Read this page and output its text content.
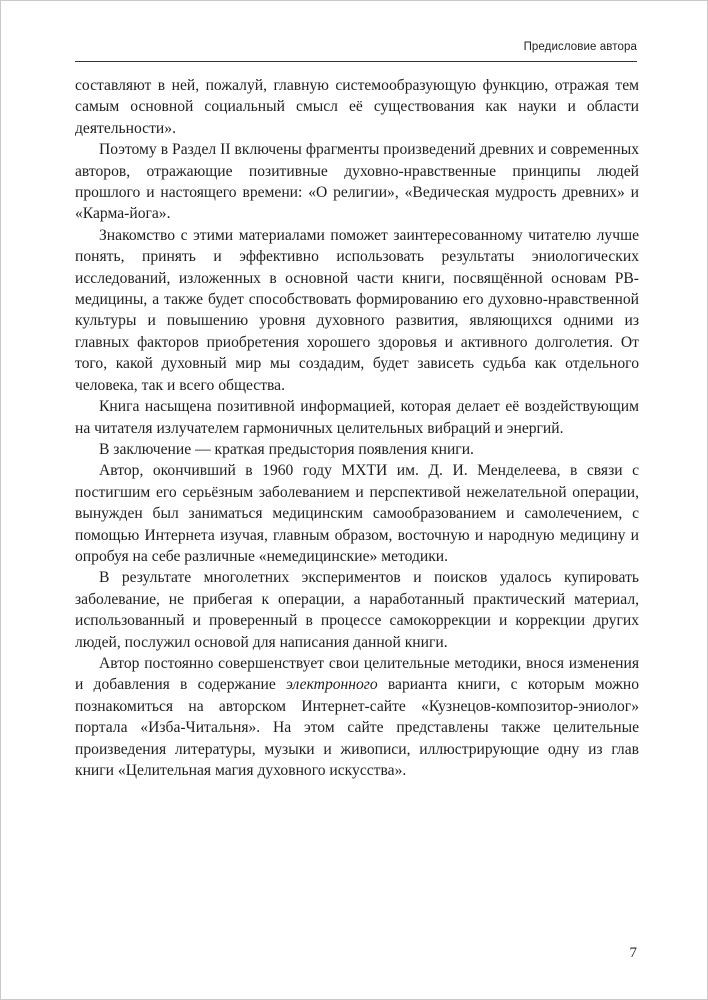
Предисловие автора

составляют в ней, пожалуй, главную системообразующую функцию, отражая тем самым основной социальный смысл её существования как науки и области деятельности».

Поэтому в Раздел II включены фрагменты произведений древних и современных авторов, отражающие позитивные духовно-нравственные принципы людей прошлого и настоящего времени: «О религии», «Ведическая мудрость древних» и «Карма-йога».

Знакомство с этими материалами поможет заинтересованному читателю лучше понять, принять и эффективно использовать результаты эниологических исследований, изложенных в основной части книги, посвящённой основам РВ-медицины, а также будет способствовать формированию его духовно-нравственной культуры и повышению уровня духовного развития, являющихся одними из главных факторов приобретения хорошего здоровья и активного долголетия. От того, какой духовный мир мы создадим, будет зависеть судьба как отдельного человека, так и всего общества.

Книга насыщена позитивной информацией, которая делает её воздействующим на читателя излучателем гармоничных целительных вибраций и энергий.

В заключение — краткая предыстория появления книги.

Автор, окончивший в 1960 году МХТИ им. Д. И. Менделеева, в связи с постигшим его серьёзным заболеванием и перспективой нежелательной операции, вынужден был заниматься медицинским самообразованием и самолечением, с помощью Интернета изучая, главным образом, восточную и народную медицину и опробуя на себе различные «немедицинские» методики.

В результате многолетних экспериментов и поисков удалось купировать заболевание, не прибегая к операции, а наработанный практический материал, использованный и проверенный в процессе самокоррекции и коррекции других людей, послужил основой для написания данной книги.

Автор постоянно совершенствует свои целительные методики, внося изменения и добавления в содержание электронного варианта книги, с которым можно познакомиться на авторском Интернет-сайте «Кузнецов-композитор-эниолог» портала «Изба-Читальня». На этом сайте представлены также целительные произведения литературы, музыки и живописи, иллюстрирующие одну из глав книги «Целительная магия духовного искусства».

7
